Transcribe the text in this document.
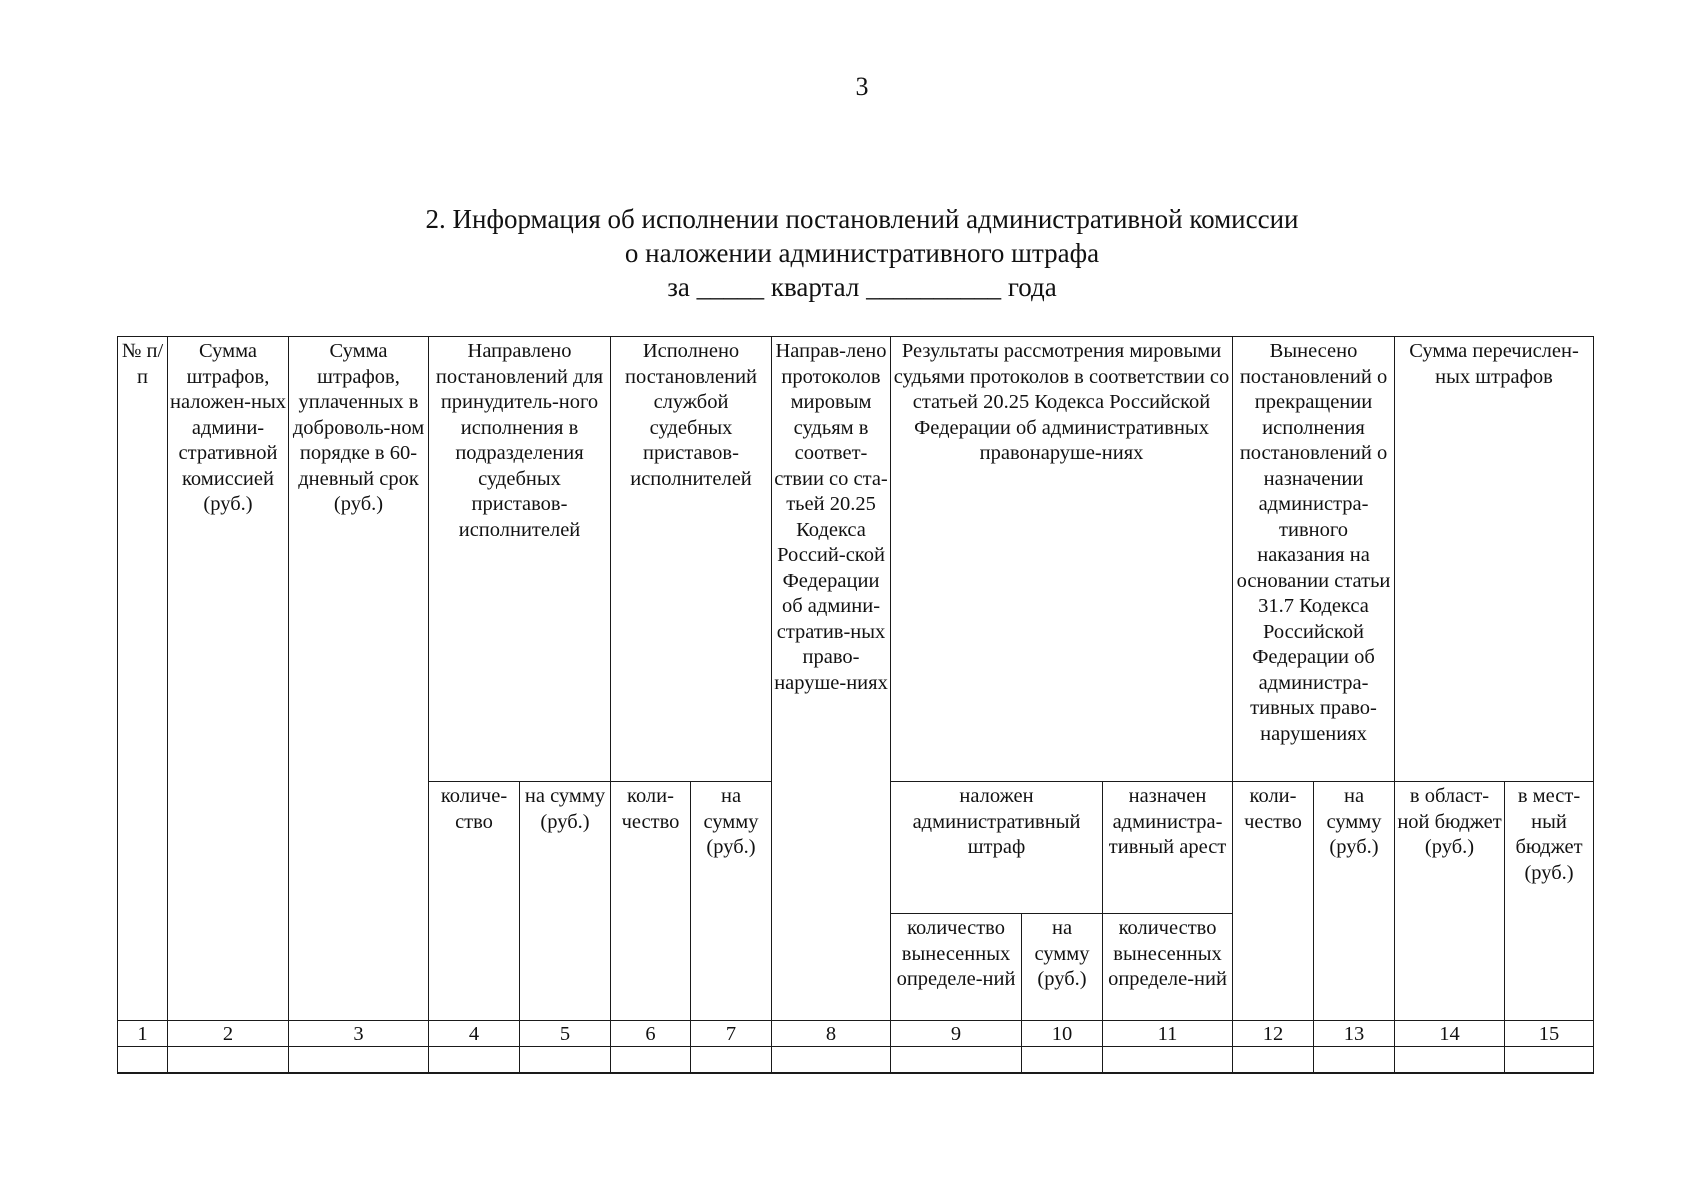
3
2. Информация об исполнении постановлений административной комиссии
о наложении административного штрафа
за _____ квартал __________ года
№ п/п	Сумма штрафов, наложен-ных админи-стративной комиссией (руб.)	Сумма штрафов, уплаченных в доброволь-ном порядке в 60-дневный срок (руб.)	Направлено постановлений для принудитель-ного исполнения в подразделения судебных приставов-исполнителей		Исполнено постановлений службой судебных приставов-исполнителей		Направ-лено протоколов мировым судьям в соответ-ствии со ста-тьей 20.25 Кодекса Россий-ской Федерации об админи-стратив-ных право-наруше-ниях	Результаты рассмотрения мировыми судьями протоколов в соответствии со статьей 20.25 Кодекса Российской Федерации об административных правонаруше-ниях			Вынесено постановлений о прекращении исполнения постановлений о назначении администра-тивного наказания на основании статьи 31.7 Кодекса Российской Федерации об администра-тивных право-нарушениях		Сумма перечислен-ных штрафов	
			количе-ство	на сумму (руб.)	коли-чество	на сумму (руб.)		наложен административный штраф		назначен администра-тивный арест	коли-чество	на сумму (руб.)	в област-ной бюджет (руб.)	в мест-ный бюджет (руб.)
								количество вынесенных определе-ний	на сумму (руб.)	количество вынесенных определе-ний				
1	2	3	4	5	6	7	8	9	10	11	12	13	14	15
